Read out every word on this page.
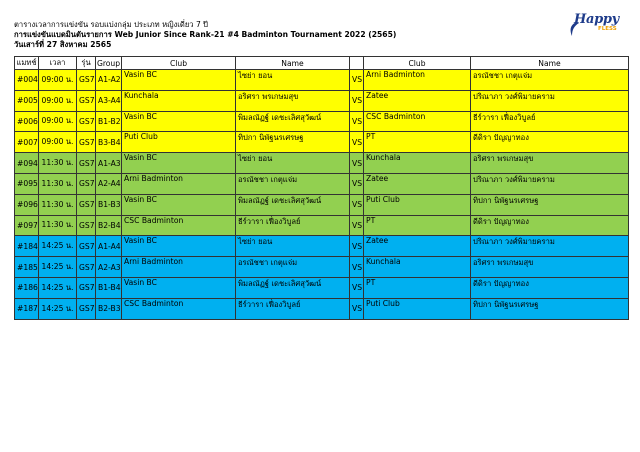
ตารางเวลาการแข่งขัน รอบแบ่งกลุ่ม ประเภท หญิงเดี่ยว 7 ปี
การแข่งขันแบดมินตันรายการ Web Junior Since Rank-21 #4 Badminton Tournament 2022 (2565)
วันเสาร์ที่ 27 สิงหาคม 2565
Happy
FLESS
แมทช์	เวลา	รุ่น	Group	Club	Name		Club	Name
#004	09:00 น.	GS7	A1-A2	Vasin BC	ไซย่า ยอน	VS	Arni Badminton	อรณัชชา เกตุแจ่ม
#005	09:00 น.	GS7	A3-A4	Kunchala	อริศรา พรเกษมสุข	VS	Zatee	ปริณาภา วงศ์พิมายคราม
#006	09:00 น.	GS7	B1-B2	Vasin BC	พิมลณัฏฐ์ เดชะเลิศสุวัฒน์	VS	CSC Badminton	ธีร์วารา เฟื่องวิบูลย์
#007	09:00 น.	GS7	B3-B4	Puti Club	ทิปกา นิพัฐนรเศรษฐ	VS	PT	ดีดิรา ปัญญาทอง
#094	11:30 น.	GS7	A1-A3	Vasin BC	ไซย่า ยอน	VS	Kunchala	อริศรา พรเกษมสุข
#095	11:30 น.	GS7	A2-A4	Arni Badminton	อรณัชชา เกตุแจ่ม	VS	Zatee	ปริณาภา วงศ์พิมายคราม
#096	11:30 น.	GS7	B1-B3	Vasin BC	พิมลณัฏฐ์ เดชะเลิศสุวัฒน์	VS	Puti Club	ทิปกา นิพัฐนรเศรษฐ
#097	11:30 น.	GS7	B2-B4	CSC Badminton	ธีร์วารา เฟื่องวิบูลย์	VS	PT	ดีดิรา ปัญญาทอง
#184	14:25 น.	GS7	A1-A4	Vasin BC	ไซย่า ยอน	VS	Zatee	ปริณาภา วงศ์พิมายคราม
#185	14:25 น.	GS7	A2-A3	Arni Badminton	อรณัชชา เกตุแจ่ม	VS	Kunchala	อริศรา พรเกษมสุข
#186	14:25 น.	GS7	B1-B4	Vasin BC	พิมลณัฏฐ์ เดชะเลิศสุวัฒน์	VS	PT	ดีดิรา ปัญญาทอง
#187	14:25 น.	GS7	B2-B3	CSC Badminton	ธีร์วารา เฟื่องวิบูลย์	VS	Puti Club	ทิปกา นิพัฐนรเศรษฐ
